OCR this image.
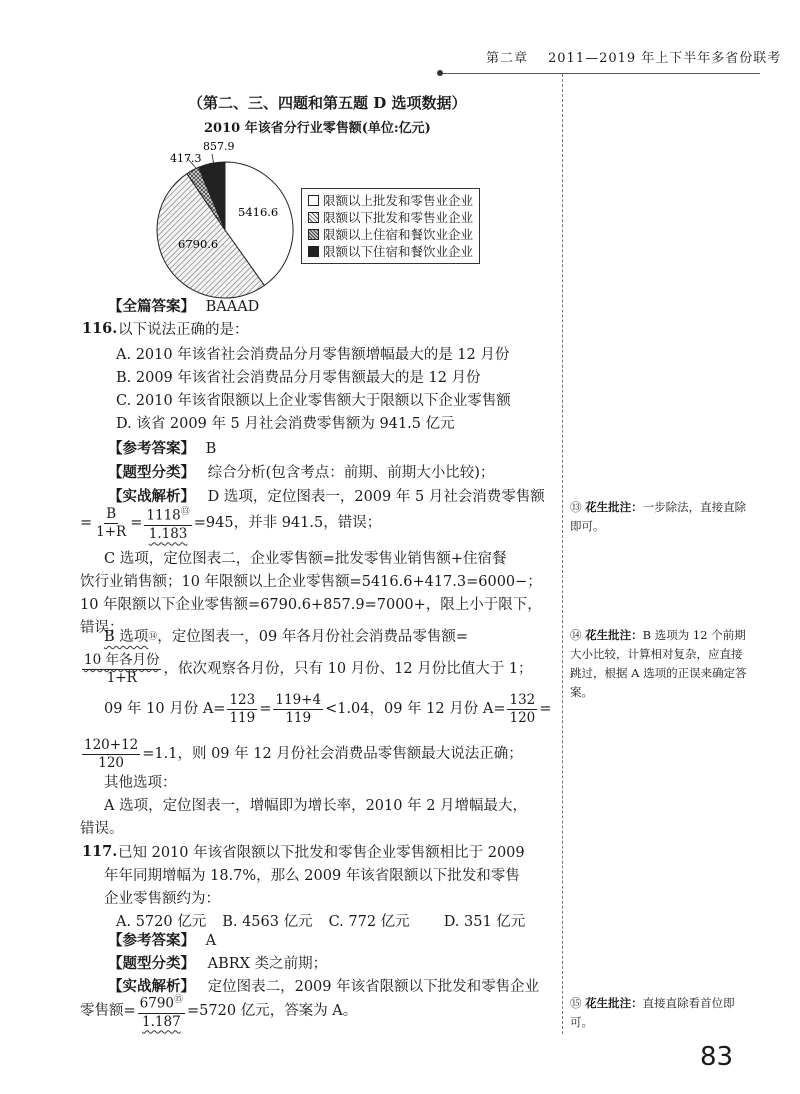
第二章 2011—2019 年上下半年多省份联考
（第二、三、四题和第五题 D 选项数据）
2010 年该省分行业零售额(单位:亿元)
857.9
417.3
5416.6
6790.6
限额以上批发和零售业企业
限额以下批发和零售业企业
限额以上住宿和餐饮业企业
限额以下住宿和餐饮业企业
【全篇答案】 BAAAD
116. 以下说法正确的是：
A. 2010 年该省社会消费品分月零售额增幅最大的是 12 月份
B. 2009 年该省社会消费品分月零售额最大的是 12 月份
C. 2010 年该省限额以上企业零售额大于限额以下企业零售额
D. 该省 2009 年 5 月社会消费零售额为 941.5 亿元
【参考答案】 B
【题型分类】 综合分析(包含考点：前期、前期大小比较)；
【实战解析】 D 选项，定位图表一，2009 年 5 月社会消费零售额
= $\frac{B}{1+R} = \frac{1118^⑬}{1.183} =945$，并非 941.5，错误；
C 选项，定位图表二，企业零售额=批发零售业销售额+住宿餐
饮行业销售额；10 年限额以上企业零售额=5416.6+417.3=6000−；
10 年限额以下企业零售额=6790.6+857.9=7000+，限上小于限下，
错误；
B 选项 ⑭ ，定位图表一，09 年各月份社会消费品零售额=
$\frac{\text{10 年各月份}}{1+R}$ ，依次观察各月份，只有 10 月份、12 月份比值大于 1；
09 年 10 月份 $A= \frac{123}{119} = \frac{119+4}{119} <1.04$，09 年 12 月份 $A= \frac{132}{120}$ =
$\frac{120+12}{120} =1.1$，则 09 年 12 月份社会消费品零售额最大说法正确；
其他选项：
A 选项，定位图表一，增幅即为增长率，2010 年 2 月增幅最大，
错误。
117. 已知 2010 年该省限额以下批发和零售企业零售额相比于 2009
年年同期增幅为 18.7%，那么 2009 年该省限额以下批发和零售
企业零售额约为：
A. 5720 亿元 B. 4563 亿元 C. 772 亿元 D. 351 亿元
【参考答案】 A
【题型分类】 ABRX 类之前期；
【实战解析】 定位图表二，2009 年该省限额以下批发和零售企业
零售额= $\frac{6790^⑮}{1.187} =5720$ 亿元，答案为 A。
⑬ 花生批注：一步除法，直接直除即可。
⑭ 花生批注：B 选项为 12 个前期大小比较，计算相对复杂，应直接跳过，根据 A 选项的正误来确定答案。
⑮ 花生批注：直接直除看首位即可。
83
